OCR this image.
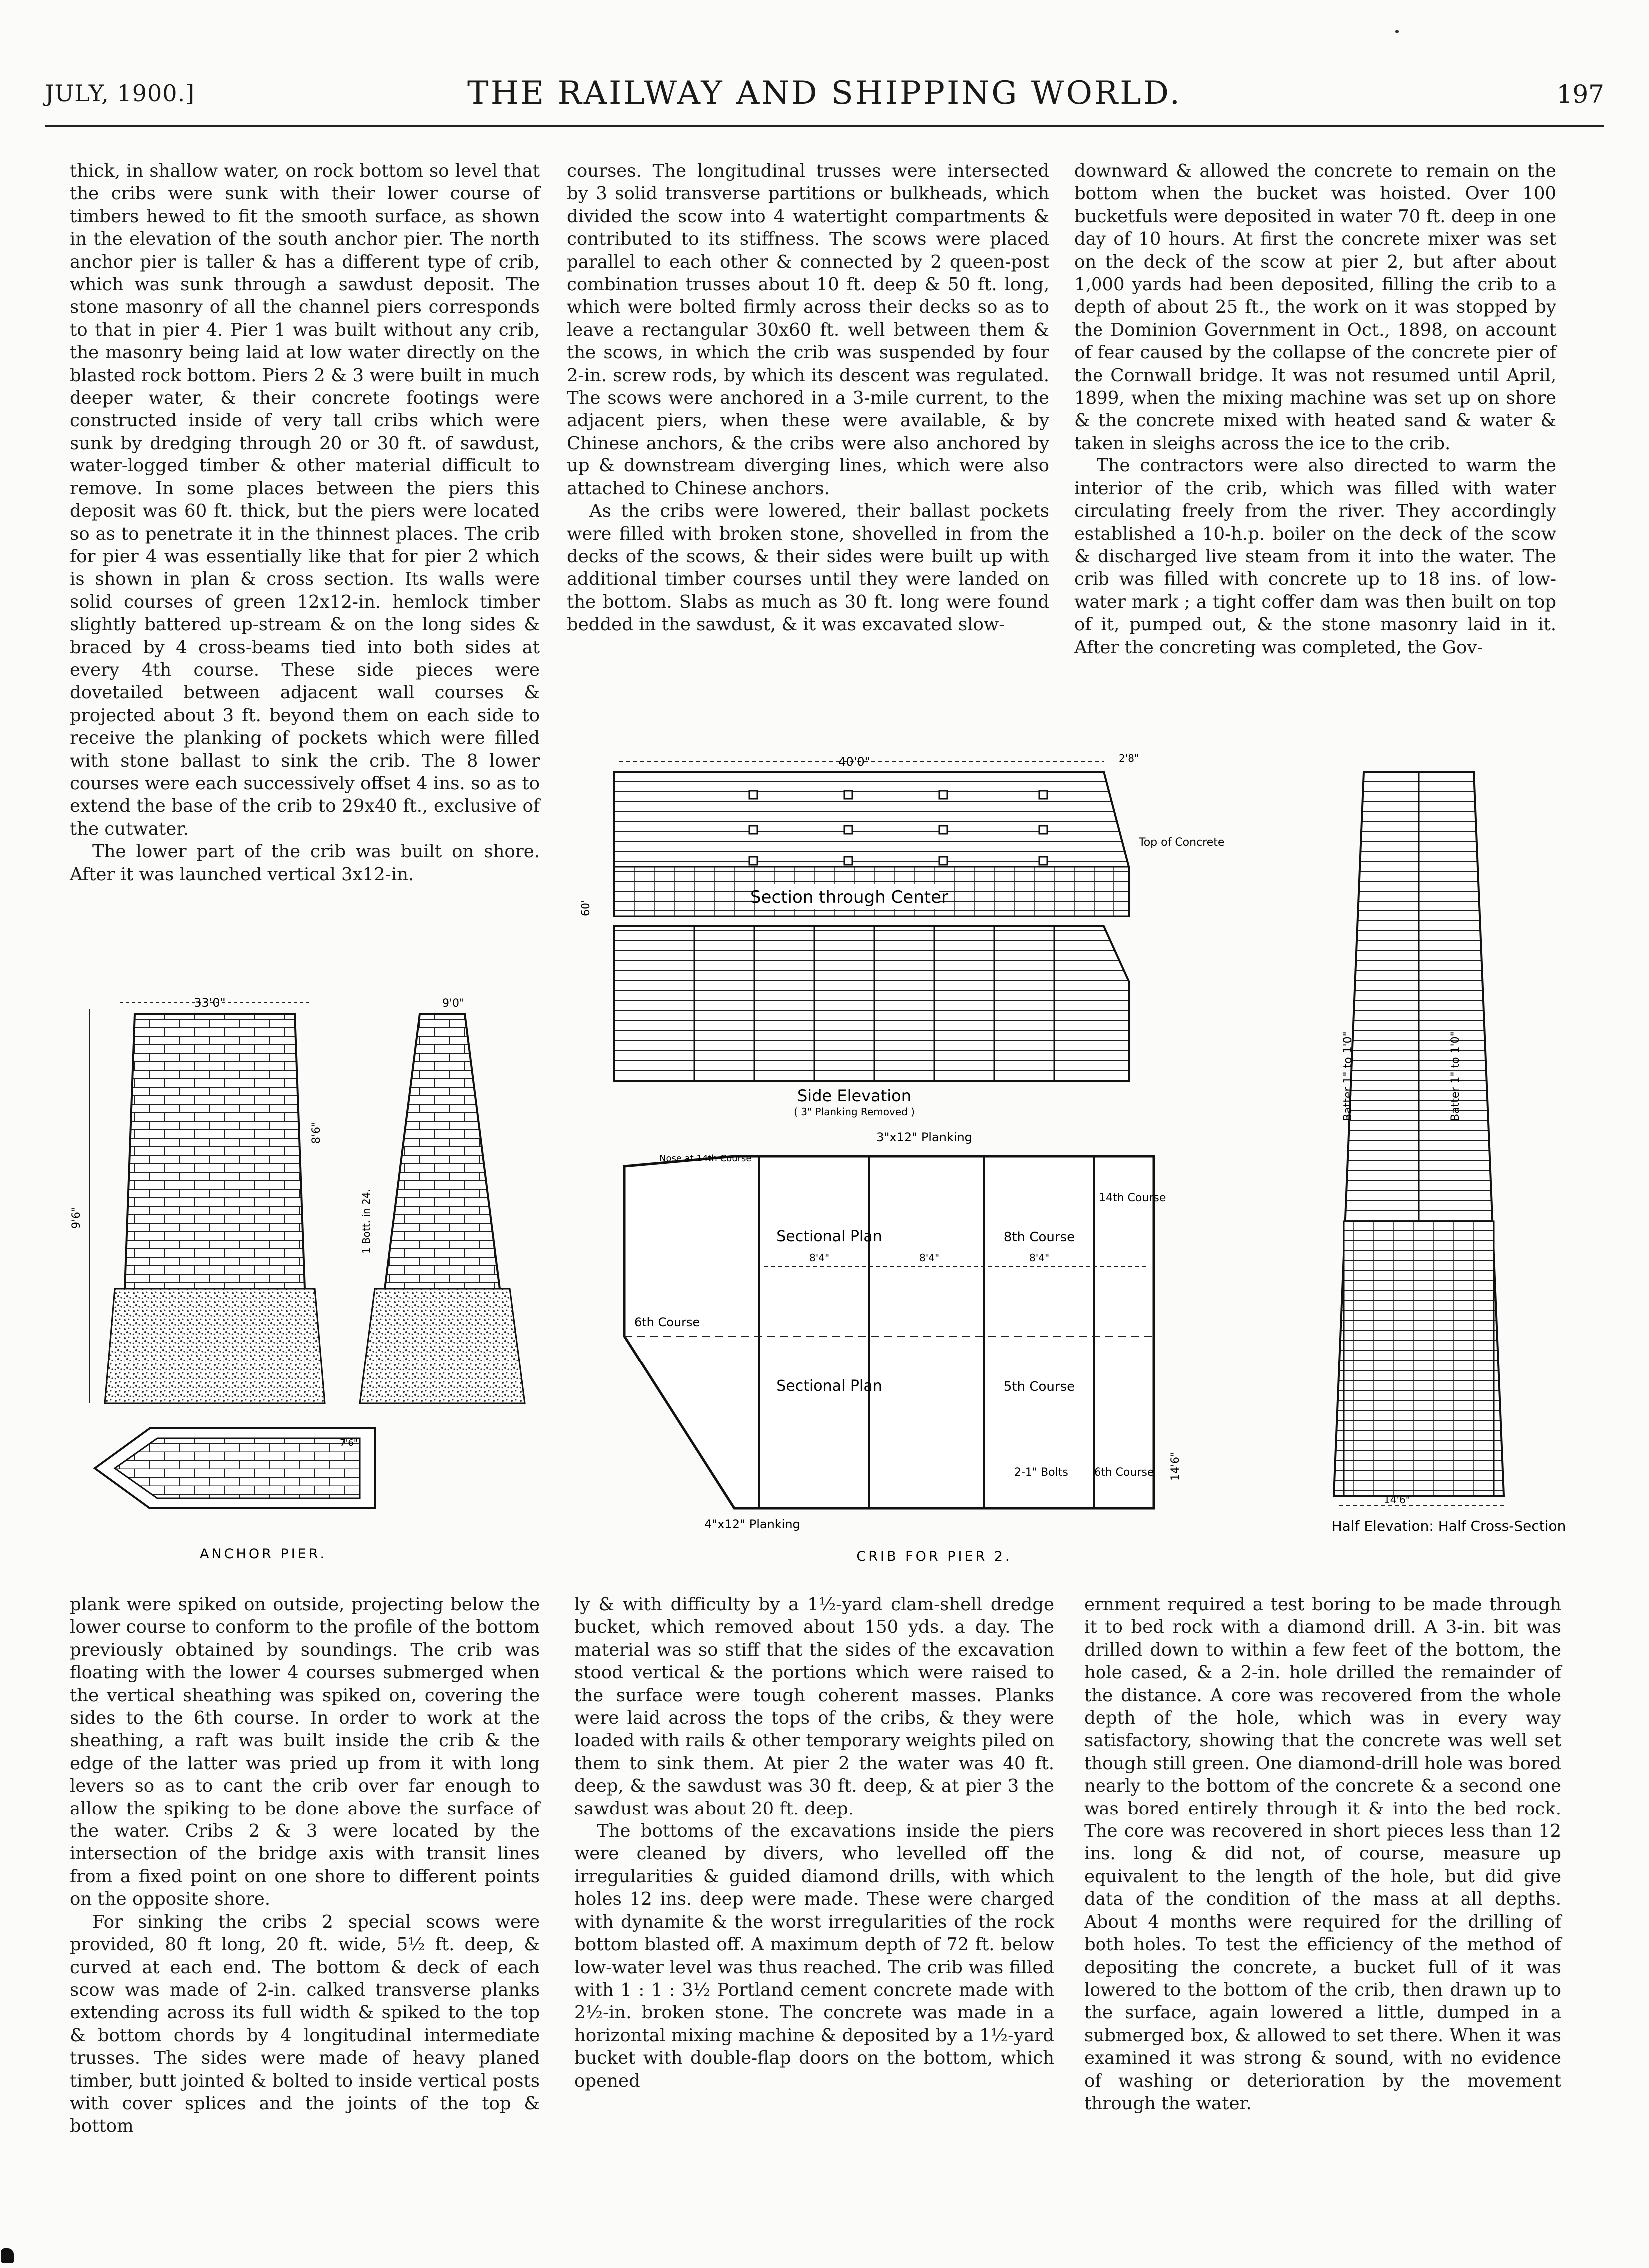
JULY, 1900.]	THE RAILWAY AND SHIPPING WORLD.	197

thick, in shallow water, on rock bottom so level that the cribs were sunk with their lower course of timbers hewed to fit the smooth surface, as shown in the elevation of the south anchor pier. The north anchor pier is taller & has a different type of crib, which was sunk through a sawdust deposit. The stone masonry of all the channel piers corresponds to that in pier 4. Pier 1 was built without any crib, the masonry being laid at low water directly on the blasted rock bottom. Piers 2 & 3 were built in much deeper water, & their concrete footings were constructed inside of very tall cribs which were sunk by dredging through 20 or 30 ft. of sawdust, water-logged timber & other material difficult to remove. In some places between the piers this deposit was 60 ft. thick, but the piers were located so as to penetrate it in the thinnest places. The crib for pier 4 was essentially like that for pier 2 which is shown in plan & cross section. Its walls were solid courses of green 12x12-in. hemlock timber slightly battered up-stream & on the long sides & braced by 4 cross-beams tied into both sides at every 4th course. These side pieces were dovetailed between adjacent wall courses & projected about 3 ft. beyond them on each side to receive the planking of pockets which were filled with stone ballast to sink the crib. The 8 lower courses were each successively offset 4 ins. so as to extend the base of the crib to 29x40 ft., exclusive of the cutwater.

The lower part of the crib was built on shore. After it was launched vertical 3x12-in.

courses. The longitudinal trusses were intersected by 3 solid transverse partitions or bulkheads, which divided the scow into 4 watertight compartments & contributed to its stiffness. The scows were placed parallel to each other & connected by 2 queen-post combination trusses about 10 ft. deep & 50 ft. long, which were bolted firmly across their decks so as to leave a rectangular 30x60 ft. well between them & the scows, in which the crib was suspended by four 2-in. screw rods, by which its descent was regulated. The scows were anchored in a 3-mile current, to the adjacent piers, when these were available, & by Chinese anchors, & the cribs were also anchored by up & downstream diverging lines, which were also attached to Chinese anchors.

As the cribs were lowered, their ballast pockets were filled with broken stone, shovelled in from the decks of the scows, & their sides were built up with additional timber courses until they were landed on the bottom. Slabs as much as 30 ft. long were found bedded in the sawdust, & it was excavated slow-

downward & allowed the concrete to remain on the bottom when the bucket was hoisted. Over 100 bucketfuls were deposited in water 70 ft. deep in one day of 10 hours. At first the concrete mixer was set on the deck of the scow at pier 2, but after about 1,000 yards had been deposited, filling the crib to a depth of about 25 ft., the work on it was stopped by the Dominion Government in Oct., 1898, on account of fear caused by the collapse of the concrete pier of the Cornwall bridge. It was not resumed until April, 1899, when the mixing machine was set up on shore & the concrete mixed with heated sand & water & taken in sleighs across the ice to the crib.

The contractors were also directed to warm the interior of the crib, which was filled with water circulating freely from the river. They accordingly established a 10-h.p. boiler on the deck of the scow & discharged live steam from it into the water. The crib was filled with concrete up to 18 ins. of low-water mark ; a tight coffer dam was then built on top of it, pumped out, & the stone masonry laid in it. After the concreting was completed, the Gov-

33'0"
9'6"
8'6"
9'0"
1 Bott. in 24.
7'6"
ANCHOR PIER.
40'0"	2'8"
Section through Center
Top of Concrete
60'
Side Elevation
( 3" Planking Removed )
3"x12" Planking
8'4"	8'4"	8'4"
Sectional Plan	8th Course
Sectional Plan	5th Course
6th Course
14th Course
2-1" Bolts 6th Course
4"x12" Planking
14'6"
Nose at 14th Course
Batter 1" to 1'0"	Batter 1" to 1'0"
14'6"
Half Elevation: Half Cross-Section
CRIB FOR PIER 2.

plank were spiked on outside, projecting below the lower course to conform to the profile of the bottom previously obtained by soundings. The crib was floating with the lower 4 courses submerged when the vertical sheathing was spiked on, covering the sides to the 6th course. In order to work at the sheathing, a raft was built inside the crib & the edge of the latter was pried up from it with long levers so as to cant the crib over far enough to allow the spiking to be done above the surface of the water. Cribs 2 & 3 were located by the intersection of the bridge axis with transit lines from a fixed point on one shore to different points on the opposite shore.

For sinking the cribs 2 special scows were provided, 80 ft long, 20 ft. wide, 5½ ft. deep, & curved at each end. The bottom & deck of each scow was made of 2-in. calked transverse planks extending across its full width & spiked to the top & bottom chords by 4 longitudinal intermediate trusses. The sides were made of heavy planed timber, butt jointed & bolted to inside vertical posts with cover splices and the joints of the top & bottom

ly & with difficulty by a 1½-yard clam-shell dredge bucket, which removed about 150 yds. a day. The material was so stiff that the sides of the excavation stood vertical & the portions which were raised to the surface were tough coherent masses. Planks were laid across the tops of the cribs, & they were loaded with rails & other temporary weights piled on them to sink them. At pier 2 the water was 40 ft. deep, & the sawdust was 30 ft. deep, & at pier 3 the sawdust was about 20 ft. deep.

The bottoms of the excavations inside the piers were cleaned by divers, who levelled off the irregularities & guided diamond drills, with which holes 12 ins. deep were made. These were charged with dynamite & the worst irregularities of the rock bottom blasted off. A maximum depth of 72 ft. below low-water level was thus reached. The crib was filled with 1 : 1 : 3½ Portland cement concrete made with 2½-in. broken stone. The concrete was made in a horizontal mixing machine & deposited by a 1½-yard bucket with double-flap doors on the bottom, which opened

ernment required a test boring to be made through it to bed rock with a diamond drill. A 3-in. bit was drilled down to within a few feet of the bottom, the hole cased, & a 2-in. hole drilled the remainder of the distance. A core was recovered from the whole depth of the hole, which was in every way satisfactory, showing that the concrete was well set though still green. One diamond-drill hole was bored nearly to the bottom of the concrete & a second one was bored entirely through it & into the bed rock. The core was recovered in short pieces less than 12 ins. long & did not, of course, measure up equivalent to the length of the hole, but did give data of the condition of the mass at all depths. About 4 months were required for the drilling of both holes. To test the efficiency of the method of depositing the concrete, a bucket full of it was lowered to the bottom of the crib, then drawn up to the surface, again lowered a little, dumped in a submerged box, & allowed to set there. When it was examined it was strong & sound, with no evidence of washing or deterioration by the movement through the water.
